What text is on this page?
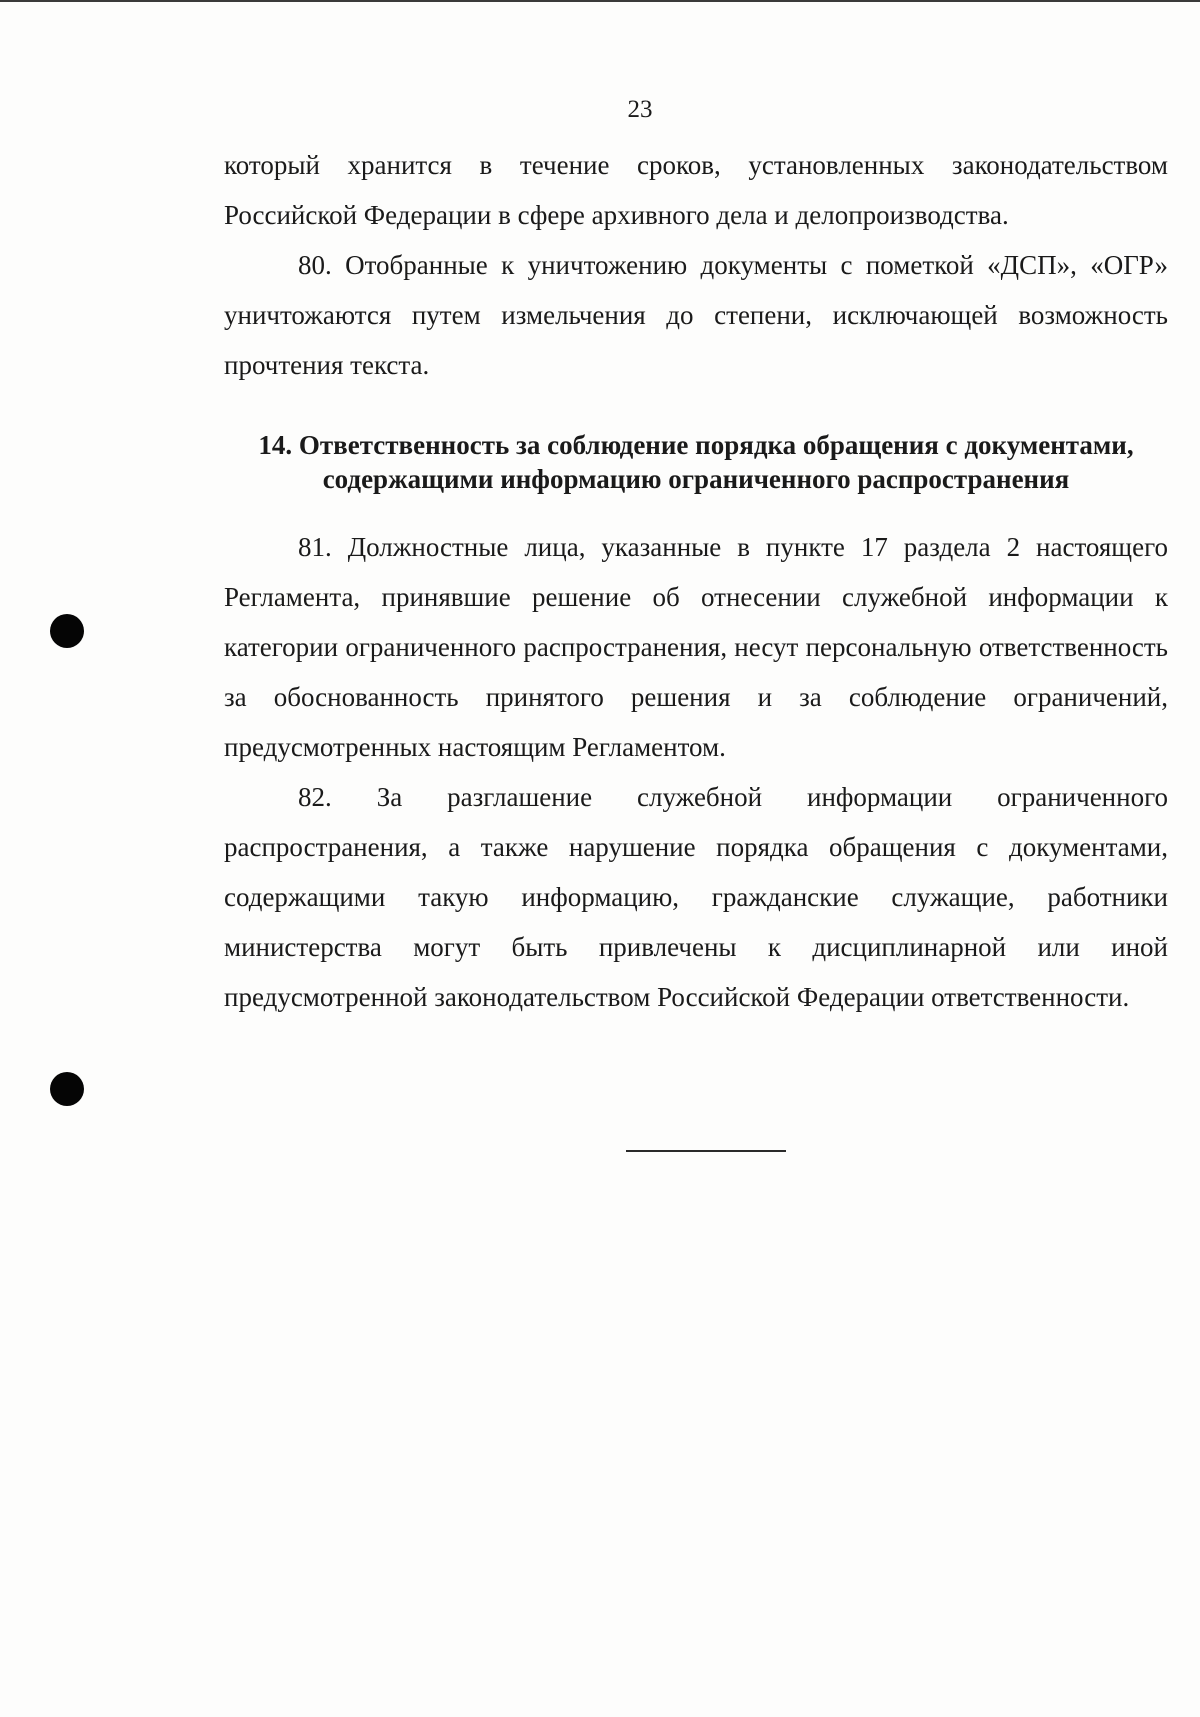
23

который хранится в течение сроков, установленных законодательством Российской Федерации в сфере архивного дела и делопроизводства.

80. Отобранные к уничтожению документы с пометкой «ДСП», «ОГР» уничтожаются путем измельчения до степени, исключающей возможность прочтения текста.

14. Ответственность за соблюдение порядка обращения с документами,
содержащими информацию ограниченного распространения

81. Должностные лица, указанные в пункте 17 раздела 2 настоящего Регламента, принявшие решение об отнесении служебной информации к категории ограниченного распространения, несут персональную ответственность за обоснованность принятого решения и за соблюдение ограничений, предусмотренных настоящим Регламентом.

82. За разглашение служебной информации ограниченного распространения, а также нарушение порядка обращения с документами, содержащими такую информацию, гражданские служащие, работники министерства могут быть привлечены к дисциплинарной или иной предусмотренной законодательством Российской Федерации ответственности.
